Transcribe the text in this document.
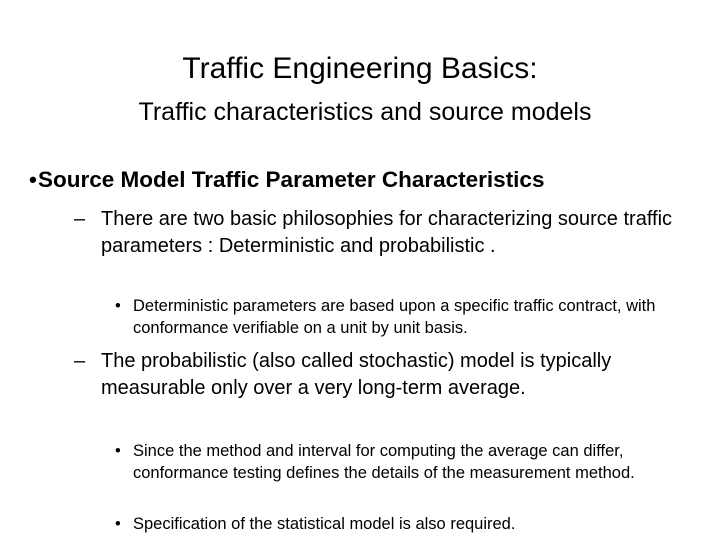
Traffic Engineering Basics:
Traffic characteristics and source models
• Source Model Traffic Parameter Characteristics
– There are two basic philosophies for characterizing source traffic parameters : Deterministic and probabilistic .
• Deterministic parameters are based upon a specific traffic contract, with conformance verifiable on a unit by unit basis.
– The probabilistic (also called stochastic) model is typically measurable only over a very long-term average.
• Since the method and interval for computing the average can differ, conformance testing defines the details of the measurement method.
• Specification of the statistical model is also required.
